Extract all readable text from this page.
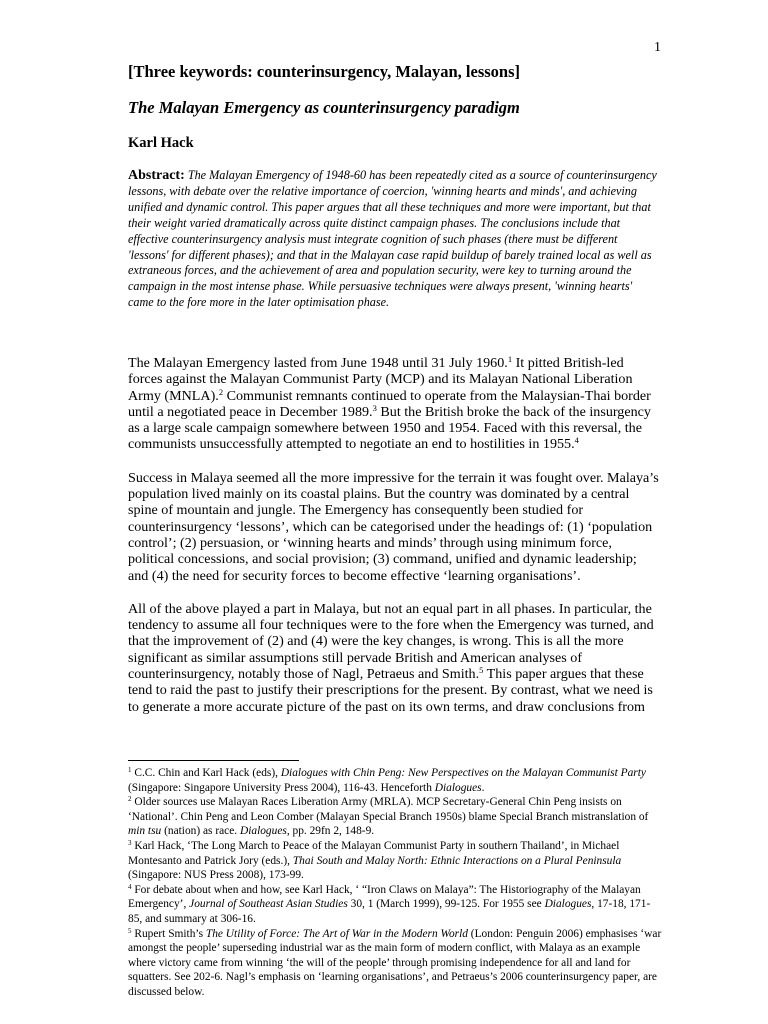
1
[Three keywords: counterinsurgency, Malayan, lessons]
The Malayan Emergency as counterinsurgency paradigm
Karl Hack
Abstract: The Malayan Emergency of 1948-60 has been repeatedly cited as a source of counterinsurgency lessons, with debate over the relative importance of coercion, 'winning hearts and minds', and achieving unified and dynamic control. This paper argues that all these techniques and more were important, but that their weight varied dramatically across quite distinct campaign phases. The conclusions include that effective counterinsurgency analysis must integrate cognition of such phases (there must be different 'lessons' for different phases); and that in the Malayan case rapid buildup of barely trained local as well as extraneous forces, and the achievement of area and population security, were key to turning around the campaign in the most intense phase. While persuasive techniques were always present, 'winning hearts' came to the fore more in the later optimisation phase.

The Malayan Emergency lasted from June 1948 until 31 July 1960.$^1$ It pitted British-led forces against the Malayan Communist Party (MCP) and its Malayan National Liberation Army (MNLA).$^2$ Communist remnants continued to operate from the Malaysian-Thai border until a negotiated peace in December 1989.$^3$ But the British broke the back of the insurgency as a large scale campaign somewhere between 1950 and 1954. Faced with this reversal, the communists unsuccessfully attempted to negotiate an end to hostilities in 1955.$^4$

Success in Malaya seemed all the more impressive for the terrain it was fought over. Malaya’s population lived mainly on its coastal plains. But the country was dominated by a central spine of mountain and jungle. The Emergency has consequently been studied for counterinsurgency ‘lessons’, which can be categorised under the headings of: (1) ‘population control’; (2) persuasion, or ‘winning hearts and minds’ through using minimum force, political concessions, and social provision; (3) command, unified and dynamic leadership; and (4) the need for security forces to become effective ‘learning organisations’.

All of the above played a part in Malaya, but not an equal part in all phases. In particular, the tendency to assume all four techniques were to the fore when the Emergency was turned, and that the improvement of (2) and (4) were the key changes, is wrong. This is all the more significant as similar assumptions still pervade British and American analyses of counterinsurgency, notably those of Nagl, Petraeus and Smith.$^5$ This paper argues that these tend to raid the past to justify their prescriptions for the present. By contrast, what we need is to generate a more accurate picture of the past on its own terms, and draw conclusions from

$^1$ C.C. Chin and Karl Hack (eds), Dialogues with Chin Peng: New Perspectives on the Malayan Communist Party (Singapore: Singapore University Press 2004), 116-43. Henceforth Dialogues.

$^2$ Older sources use Malayan Races Liberation Army (MRLA). MCP Secretary-General Chin Peng insists on ‘National’. Chin Peng and Leon Comber (Malayan Special Branch 1950s) blame Special Branch mistranslation of min tsu (nation) as race. Dialogues, pp. 29fn 2, 148-9.

$^3$ Karl Hack, ‘The Long March to Peace of the Malayan Communist Party in southern Thailand’, in Michael Montesanto and Patrick Jory (eds.), Thai South and Malay North: Ethnic Interactions on a Plural Peninsula (Singapore: NUS Press 2008), 173-99.

$^4$ For debate about when and how, see Karl Hack, ‘ “Iron Claws on Malaya”: The Historiography of the Malayan Emergency’, Journal of Southeast Asian Studies 30, 1 (March 1999), 99-125. For 1955 see Dialogues, 17-18, 171-85, and summary at 306-16.

$^5$ Rupert Smith’s The Utility of Force: The Art of War in the Modern World (London: Penguin 2006) emphasises ‘war amongst the people’ superseding industrial war as the main form of modern conflict, with Malaya as an example where victory came from winning ‘the will of the people’ through promising independence for all and land for squatters. See 202-6. Nagl’s emphasis on ‘learning organisations’, and Petraeus’s 2006 counterinsurgency paper, are discussed below.
